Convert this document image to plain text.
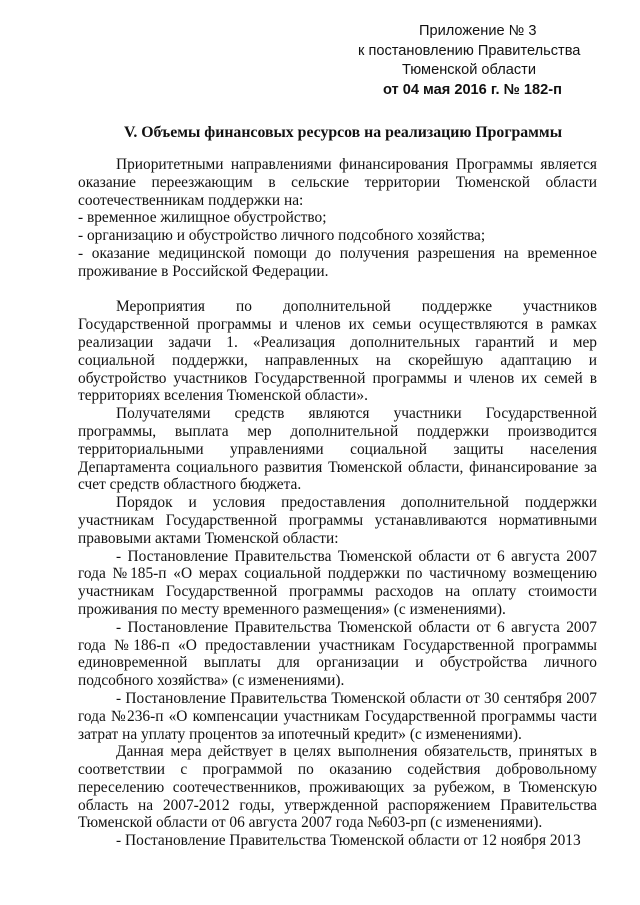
Приложение № 3
к постановлению Правительства
Тюменской области
от 04 мая 2016 г. № 182-п
V. Объемы финансовых ресурсов на реализацию Программы

Приоритетными направлениями финансирования Программы является оказание переезжающим в сельские территории Тюменской области соотечественникам поддержки на:

- временное жилищное обустройство;

- организацию и обустройство личного подсобного хозяйства;

- оказание медицинской помощи до получения разрешения на временное проживание в Российской Федерации.

Мероприятия по дополнительной поддержке участников Государственной программы и членов их семьи осуществляются в рамках реализации задачи 1. «Реализация дополнительных гарантий и мер социальной поддержки, направленных на скорейшую адаптацию и обустройство участников Государственной программы и членов их семей в территориях вселения Тюменской области».

Получателями средств являются участники Государственной программы, выплата мер дополнительной поддержки производится территориальными управлениями социальной защиты населения Департамента социального развития Тюменской области, финансирование за счет средств областного бюджета.

Порядок и условия предоставления дополнительной поддержки участникам Государственной программы устанавливаются нормативными правовыми актами Тюменской области:

- Постановление Правительства Тюменской области от 6 августа 2007 года №185-п «О мерах социальной поддержки по частичному возмещению участникам Государственной программы расходов на оплату стоимости проживания по месту временного размещения» (с изменениями).

- Постановление Правительства Тюменской области от 6 августа 2007 года №186-п «О предоставлении участникам Государственной программы единовременной выплаты для организации и обустройства личного подсобного хозяйства» (с изменениями).

- Постановление Правительства Тюменской области от 30 сентября 2007 года №236-п «О компенсации участникам Государственной программы части затрат на уплату процентов за ипотечный кредит» (с изменениями).

Данная мера действует в целях выполнения обязательств, принятых в соответствии с программой по оказанию содействия добровольному переселению соотечественников, проживающих за рубежом, в Тюменскую область на 2007-2012 годы, утвержденной распоряжением Правительства Тюменской области от 06 августа 2007 года №603-рп (с изменениями).

- Постановление Правительства Тюменской области от 12 ноября 2013
